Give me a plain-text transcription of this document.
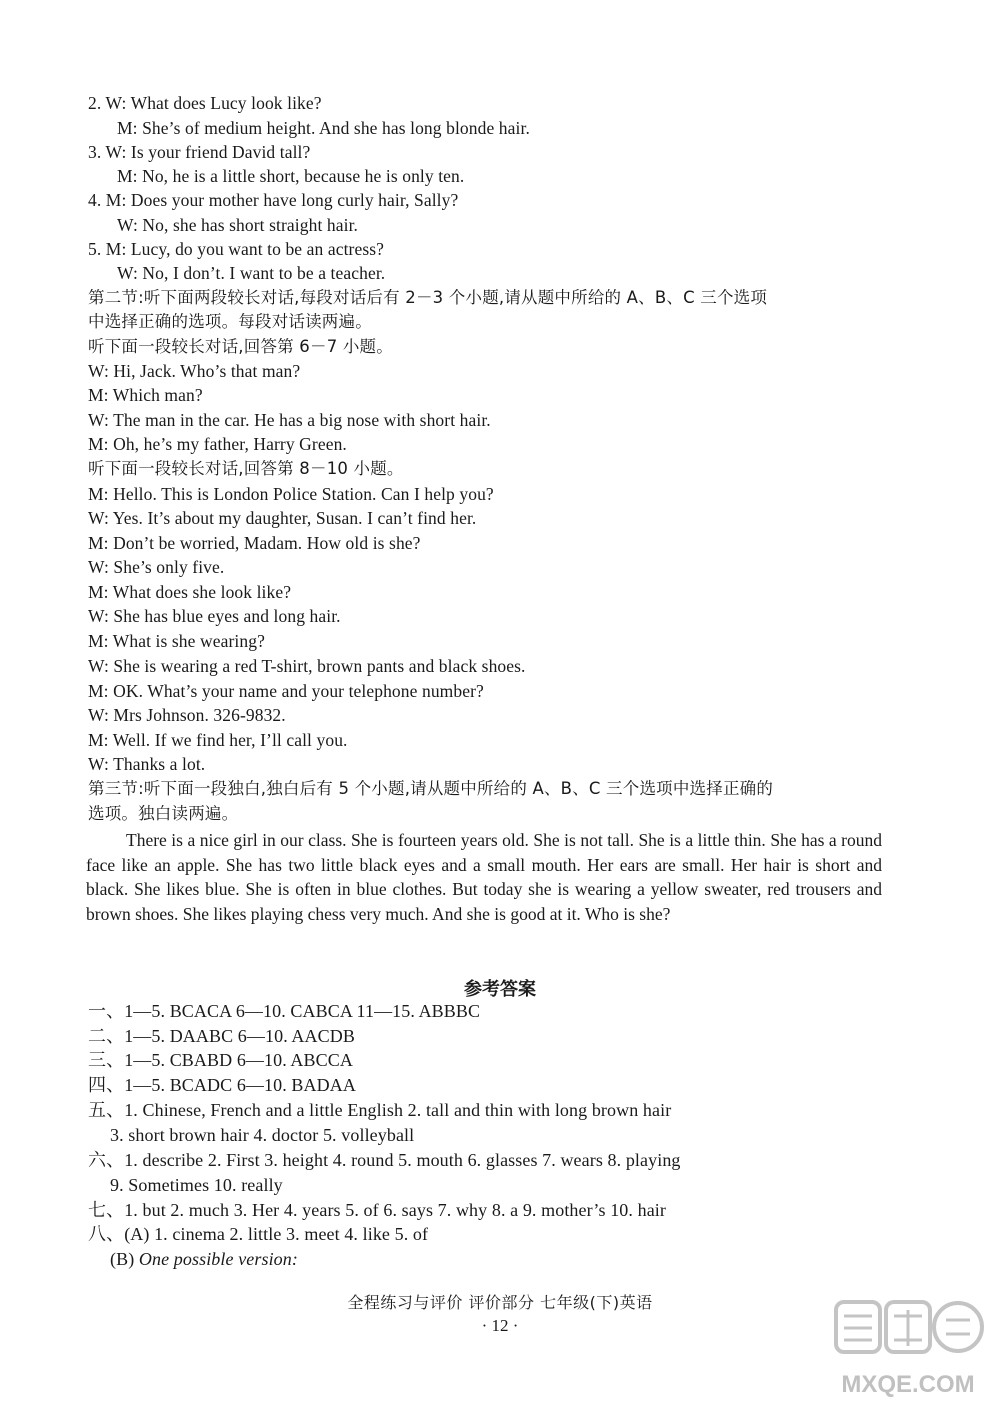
2. W: What does Lucy look like?
M: She’s of medium height. And she has long blonde hair.
3. W: Is your friend David tall?
M: No, he is a little short, because he is only ten.
4. M: Does your mother have long curly hair, Sally?
W: No, she has short straight hair.
5. M: Lucy, do you want to be an actress?
W: No, I don’t. I want to be a teacher.
第二节:听下面两段较长对话,每段对话后有 2－3 个小题,请从题中所给的 A、B、C 三个选项
中选择正确的选项。每段对话读两遍。
听下面一段较长对话,回答第 6－7 小题。
W: Hi, Jack. Who’s that man?
M: Which man?
W: The man in the car. He has a big nose with short hair.
M: Oh, he’s my father, Harry Green.
听下面一段较长对话,回答第 8－10 小题。
M: Hello. This is London Police Station. Can I help you?
W: Yes. It’s about my daughter, Susan. I can’t find her.
M: Don’t be worried, Madam. How old is she?
W: She’s only five.
M: What does she look like?
W: She has blue eyes and long hair.
M: What is she wearing?
W: She is wearing a red T-shirt, brown pants and black shoes.
M: OK. What’s your name and your telephone number?
W: Mrs Johnson. 326-9832.
M: Well. If we find her, I’ll call you.
W: Thanks a lot.
第三节:听下面一段独白,独白后有 5 个小题,请从题中所给的 A、B、C 三个选项中选择正确的
选项。独白读两遍。
There is a nice girl in our class. She is fourteen years old. She is not tall. She is a little thin. She has a round face like an apple. She has two little black eyes and a small mouth. Her ears are small. Her hair is short and black. She likes blue. She is often in blue clothes. But today she is wearing a yellow sweater, red trousers and brown shoes. She likes playing chess very much. And she is good at it. Who is she?
参考答案
一、1—5. BCACA 6—10. CABCA 11—15. ABBBC
二、1—5. DAABC 6—10. AACDB
三、1—5. CBABD 6—10. ABCCA
四、1—5. BCADC 6—10. BADAA
五、1. Chinese, French and a little English 2. tall and thin with long brown hair
3. short brown hair 4. doctor 5. volleyball
六、1. describe 2. First 3. height 4. round 5. mouth 6. glasses 7. wears 8. playing
9. Sometimes 10. really
七、1. but 2. much 3. Her 4. years 5. of 6. says 7. why 8. a 9. mother’s 10. hair
八、(A) 1. cinema 2. little 3. meet 4. like 5. of
(B) One possible version:
全程练习与评价 评价部分 七年级(下)英语
· 12 ·
MXQE.COM
